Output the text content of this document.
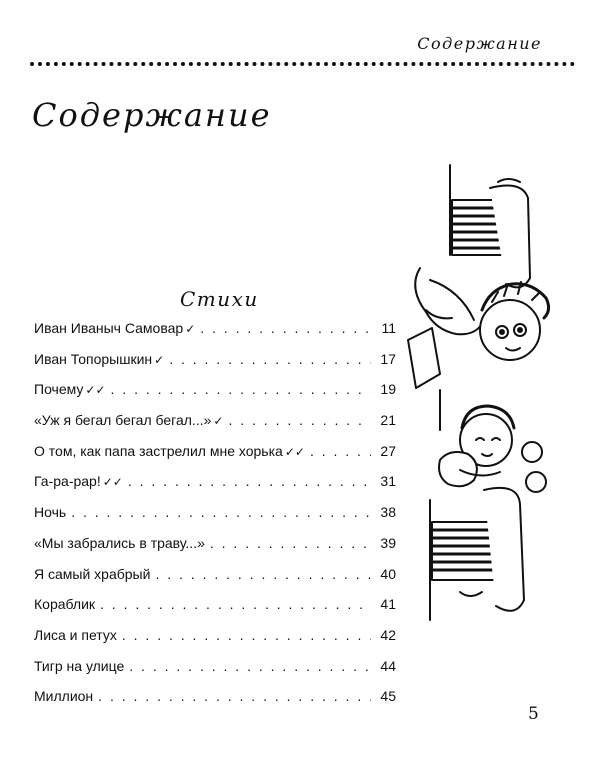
Содержание
Содержание
Стихи
Иван Иваныч Самовар ✓ . . .	11
Иван Топорышкин ✓ . . .	17
Почему ✓✓ . . .	19
«Уж я бегал бегал бегал...» ✓ . . .	21
О том, как папа застрелил мне хорька ✓✓ . . .	27
Га-ра-рар! ✓✓ . . .	31
Ночь . . .	38
«Мы забрались в траву...» . . .	39
Я самый храбрый . . .	40
Кораблик . . .	41
Лиса и петух . . .	42
Тигр на улице . . .	44
Миллион . . .	45
5
